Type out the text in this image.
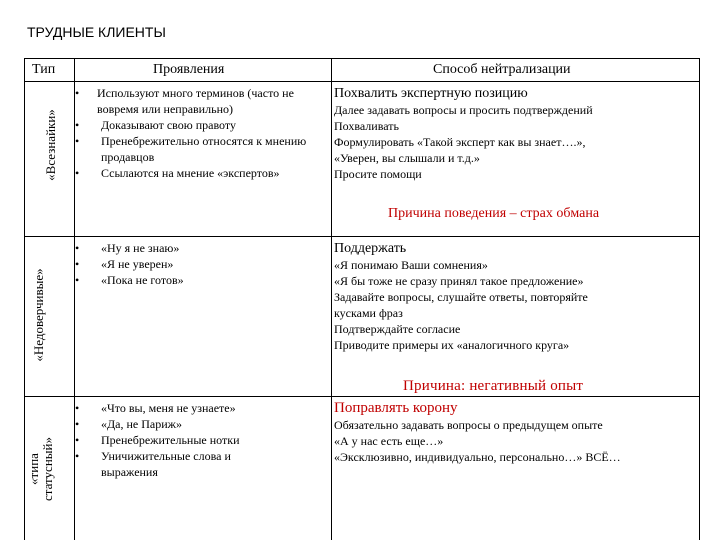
ТРУДНЫЕ КЛИЕНТЫ
Тип	Проявления	Способ нейтрализации
«Всезнайки»
• Используют много терминов (часто не вовремя или неправильно)
• Доказывают свою правоту
• Пренебрежительно относятся к мнению продавцов
• Ссылаются на мнение «экспертов»
Похвалить экспертную позицию
Далее задавать вопросы и просить подтверждений
Похваливать
Формулировать «Такой эксперт как вы знает….»,
«Уверен, вы слышали и т.д.»
Просите помощи
Причина поведения – страх обмана
«Недоверчивые»
• «Ну я не знаю»
• «Я не уверен»
• «Пока не готов»
Поддержать
«Я понимаю Ваши сомнения»
«Я бы тоже не сразу принял такое предложение»
Задавайте вопросы, слушайте ответы, повторяйте
кусками фраз
Подтверждайте согласие
Приводите примеры их «аналогичного круга»
Причина: негативный опыт
«типа статусный»
• «Что вы, меня не узнаете»
• «Да, не Париж»
• Пренебрежительные нотки
• Уничижительные слова и выражения
Поправлять корону
Обязательно задавать вопросы о предыдущем опыте
«А у нас есть еще…»
«Эксклюзивно, индивидуально, персонально…» ВСЁ…
